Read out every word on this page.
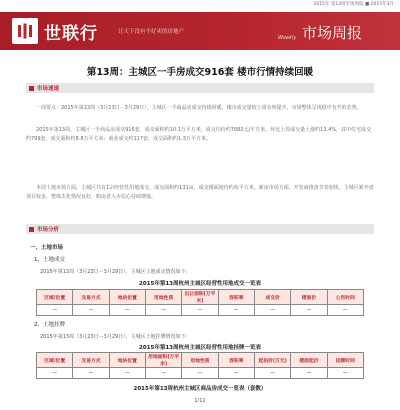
2015年 第13周市场周报 ■ 2015年3月
世联行	让天下没有不好卖的房地产
Weekly 市场周报
第13周：主城区一手房成交916套 楼市行情持续回暖
市场速递
一周要点：2015年第13周（3月23日－3月29日），主城区一手商品房成交持续回暖，楼市成交量较上周有所提升，市场整体呈现稳中有升的态势。
2015年第13周，主城区一手商品房成交916套，成交面积约10.1万平方米，成交均价约7682元/平方米，环比上周成交量上涨约13.4%，其中住宅成交约799套，成交面积约8.8万平方米；商业成交约117套，成交面积约1.3万平方米。
本周土地市场方面，主城区共有1宗经营性用地成交，成交面积约131亩，成交楼面地价约每平方米。新房市场方面，开发商推盘节奏加快，主城区新开盘项目较多，整体去化情况良好，购房者入市信心持续增强。
市场分析
一、土地市场
1、土地成交
2015年第13周（3月23日－3月29日），主城区土地成交情况如下：
2015年第13周杭州主城区经营性用地成交一览表
区域/位置	交易方式	地块位置	用地性质	出让面积(万平米)	容积率	成交价	楼面价	公告时间
—	—	—	—	—	—	—	—	—
2、土地挂牌
2015年第13周（3月23日－3月29日），主城区土地挂牌情况如下：
2015年第13周杭州主城区经营性用地挂牌一览表
区域/位置	交易方式	地块位置	用地面积(万平米)	用地性质	容积率	起拍价(万元)	楼面起价	挂牌时间
—	—	—	—	—	—	—	—	—
2015年第13周杭州主城区商品房成交一览表（套数）
1/11
